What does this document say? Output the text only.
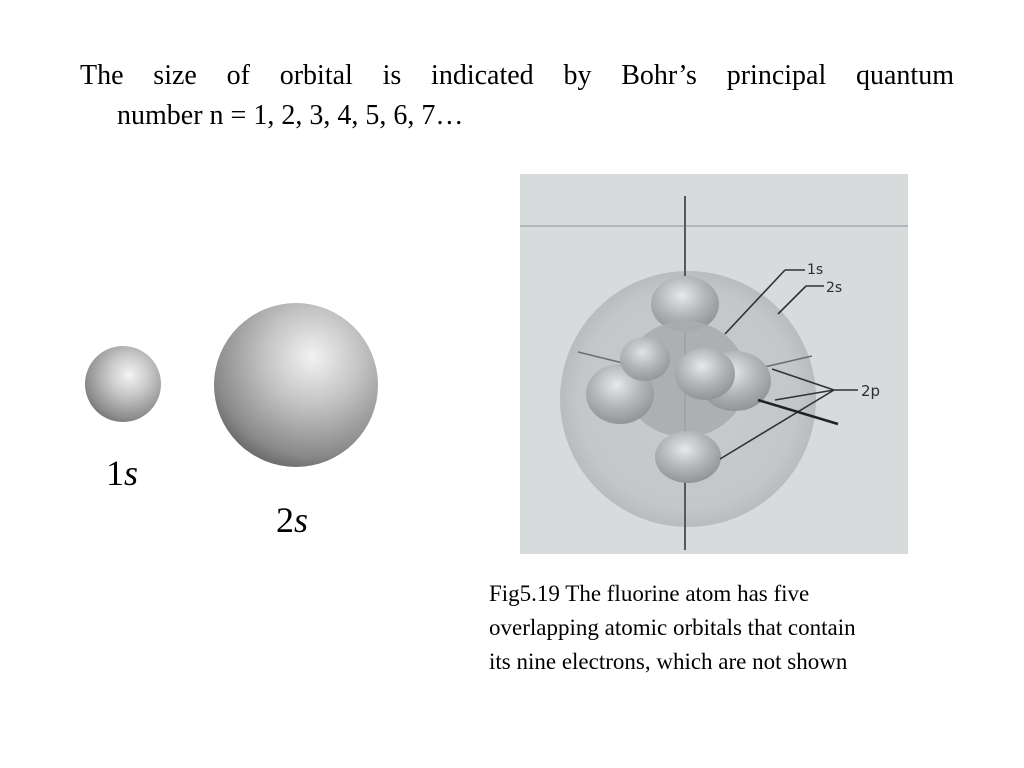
The size of orbital is indicated by Bohr’s principal quantum
number n = 1, 2, 3, 4, 5, 6, 7…
1s
2s
1s
2s
2p
Fig5.19 The fluorine atom has five
overlapping atomic orbitals that contain
its nine electrons, which are not shown
